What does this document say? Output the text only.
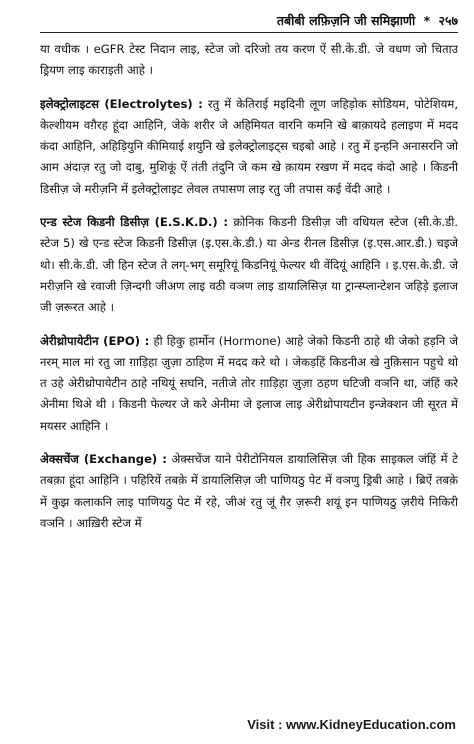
तबीबी लफ़िज़नि जी समिझाणी * २५७

या वधीक । eGFR टेस्ट निदान लाइ, स्टेज जो दरिजो तय करण ऐं सी.के.डी. जे वधण जो चिताउ ड्रियण लाइ काराइती आहे ।

इलेक्ट्रोलाइटस (Electrolytes) : रतु में केतिराई मइदिनी लूण जहिड़ोक सोडियम, पोटेशियम, केल्शीयम वग़ैरह हूंदा आहिनि, जेके शरीर जे अहिमियत वारनि कमनि खे बाक़ायदे हलाइण में मदद कंदा आहिनि, अहिड़ियुनि कीमियाई शयुनि खे इलेक्ट्रोलाइट्स चइबो आहे । रतु में इन्हनि अनासरनि जो आम अंदाज़ रतु जो दाबु, मुशिकूं ऐं तंती तंदुनि जे कम खे क़ायम रखण में मदद कंदो आहे । किडनी डिसीज़ जे मरीज़नि में इलेक्ट्रोलाइट लेवल तपासण लाइ रतु जी तपास कई वेंदी आहे ।

एन्ड स्टेज किडनी डिसीज़ (E.S.K.D.) : क्रोनिक किडनी डिसीज़ जी वधियल स्टेज (सी.के.डी. स्टेज 5) खे एन्ड स्टेज किडनी डिसीज़ (इ.एस.के.डी.) या अेन्ड रीनल डिसीज़ (इ.एस.आर.डी.) चइजे थो। सी.के.डी. जी हिन स्टेज ते लग्-भग् समूरियूं किडनियूं फेल्यर थी वेंदियूं आहिनि । इ.एस.के.डी. जे मरीज़नि खे रवाजी ज़िन्दगी जीअण लाइ वठी वञण लाइ डायालिसिज़ या ट्रान्स्प्लान्टेशन जहिड़े इलाज जी ज़रूरत आहे ।

अेरीथ्रोपायेटीन (EPO) : ही हिकु हार्मोन (Hormone) आहे जेको किडनी ठाहे थी जेको हड़नि जे नरम् माल मां रतु जा ग़ाड़िहा ज़ुज़ा ठाहिण में मदद करे थो । जेकड़हिं किडनीअ खे नुक़िसान पहुचे थो त उहे अेरीथ्रोपायेटीन ठाहे नथियूं सघनि, नतीजे तोर ग़ाड़िहा ज़ुज़ा ठहण घटिजी वञनि था, जंहिं करे अेनीमा थिअे थी । किडनी फेल्यर जे करे अेनीमा जे इलाज लाइ अेरीथ्रोपायटीन इन्जेक्शन जी सूरत में मयसर आहिनि ।

अेक्सचेंज (Exchange) : अेक्सचेंज याने पेरीटोनियल डायालिसिज़ जी हिक साइकल जंहिं में टे तबक़ा हूंदा आहिनि । पहिरियें तबक़े में डायालिसिज़ जी पाणियठु पेट में वञणु ड्रिबी आहे । ब्रिऐं तबक़े में कुझ कलाकनि लाइ पाणियठु पेट में रहे, जीअं रतु जूं ग़ैर ज़रूरी शयूं इन पाणियठु ज़रीये निकिरी वञनि । आख़िरी स्टेज में

Visit : www.KidneyEducation.com
